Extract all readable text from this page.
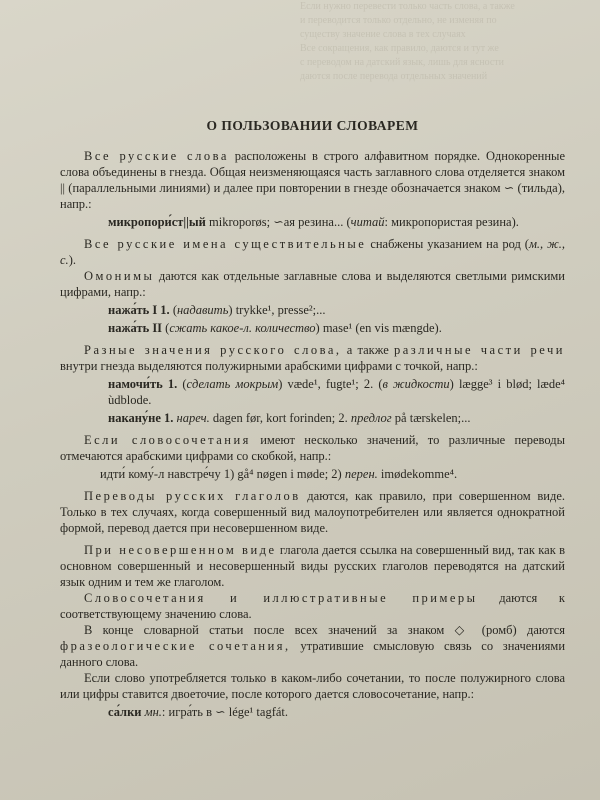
Если нужно перевести только часть слова, а также
и переводится только отдельно, не изменяя по
существу значение слова в тех случаях
Все сокращения, как правило, даются и тут же
с переводом на датский язык, лишь для ясности
даются после перевода отдельных значений
О ПОЛЬЗОВАНИИ СЛОВАРЕМ

Все русские слова расположены в строго алфавитном порядке. Однокоренные слова объединены в гнезда. Общая неизменяющаяся часть заглавного слова отделяется знаком || (параллельными линиями) и далее при повторении в гнезде обозначается знаком ∽ (тильда), напр.:

микропори́ст||ый mikroporøs; ∽ая резина... (читай: микропористая резина).

Все русские имена существительные снабжены указанием на род (м., ж., с.).

Омонимы даются как отдельные заглавные слова и выделяются светлыми римскими цифрами, напр.:

нажа́ть I 1. (надавить) trykke¹, presse²;...

нажа́ть II (сжать какое-л. количество) mase¹ (en vis mængde).

Разные значения русского слова, а также различные части речи внутри гнезда выделяются полужирными арабскими цифрами с точкой, напр.:

намочи́ть 1. (сделать мокрым) væde¹, fugte¹; 2. (в жидкости) lægge³ i blød; læde⁴ ùdblode.

накану́не 1. нареч. dagen før, kort forinden; 2. предлог på tærskelen;...

Если словосочетания имеют несколько значений, то различные переводы отмечаются арабскими цифрами со скобкой, напр.:

идти́ кому́-л навстре́чу 1) gå⁴ nøgen i møde; 2) перен. imødekomme⁴.

Переводы русских глаголов даются, как правило, при совершенном виде. Только в тех случаях, когда совершенный вид малоупотребителен или является однократной формой, перевод дается при несовершенном виде.

При несовершенном виде глагола дается ссылка на совершенный вид, так как в основном совершенный и несовершенный виды русских глаголов переводятся на датский язык одним и тем же глаголом.

Словосочетания и иллюстративные примеры даются к соответствующему значению слова.

В конце словарной статьи после всех значений за знаком ◇ (ромб) даются фразеологические сочетания, утратившие смысловую связь со значениями данного слова.

Если слово употребляется только в каком-либо сочетании, то после полужирного слова или цифры ставится двоеточие, после которого дается словосочетание, напр.:

са́лки мн.: игра́ть в ∽ lége¹ tagfát.
